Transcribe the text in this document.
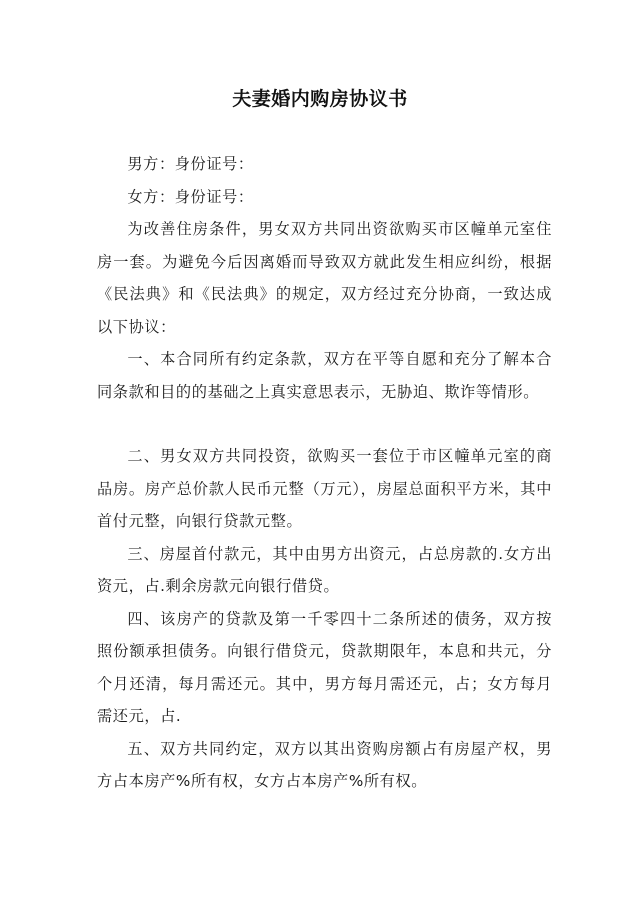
夫妻婚内购房协议书

男方：身份证号：

女方：身份证号：

为改善住房条件，男女双方共同出资欲购买市区幢单元室住房一套。为避免今后因离婚而导致双方就此发生相应纠纷，根据《民法典》和《民法典》的规定，双方经过充分协商，一致达成以下协议：

一、本合同所有约定条款，双方在平等自愿和充分了解本合同条款和目的的基础之上真实意思表示，无胁迫、欺诈等情形。

二、男女双方共同投资，欲购买一套位于市区幢单元室的商品房。房产总价款人民币元整（万元），房屋总面积平方米，其中首付元整，向银行贷款元整。

三、房屋首付款元，其中由男方出资元，占总房款的.女方出资元，占.剩余房款元向银行借贷。

四、该房产的贷款及第一千零四十二条所述的债务，双方按照份额承担债务。向银行借贷元，贷款期限年，本息和共元，分个月还清，每月需还元。其中，男方每月需还元，占；女方每月需还元，占.

五、双方共同约定，双方以其出资购房额占有房屋产权，男方占本房产%所有权，女方占本房产%所有权。
